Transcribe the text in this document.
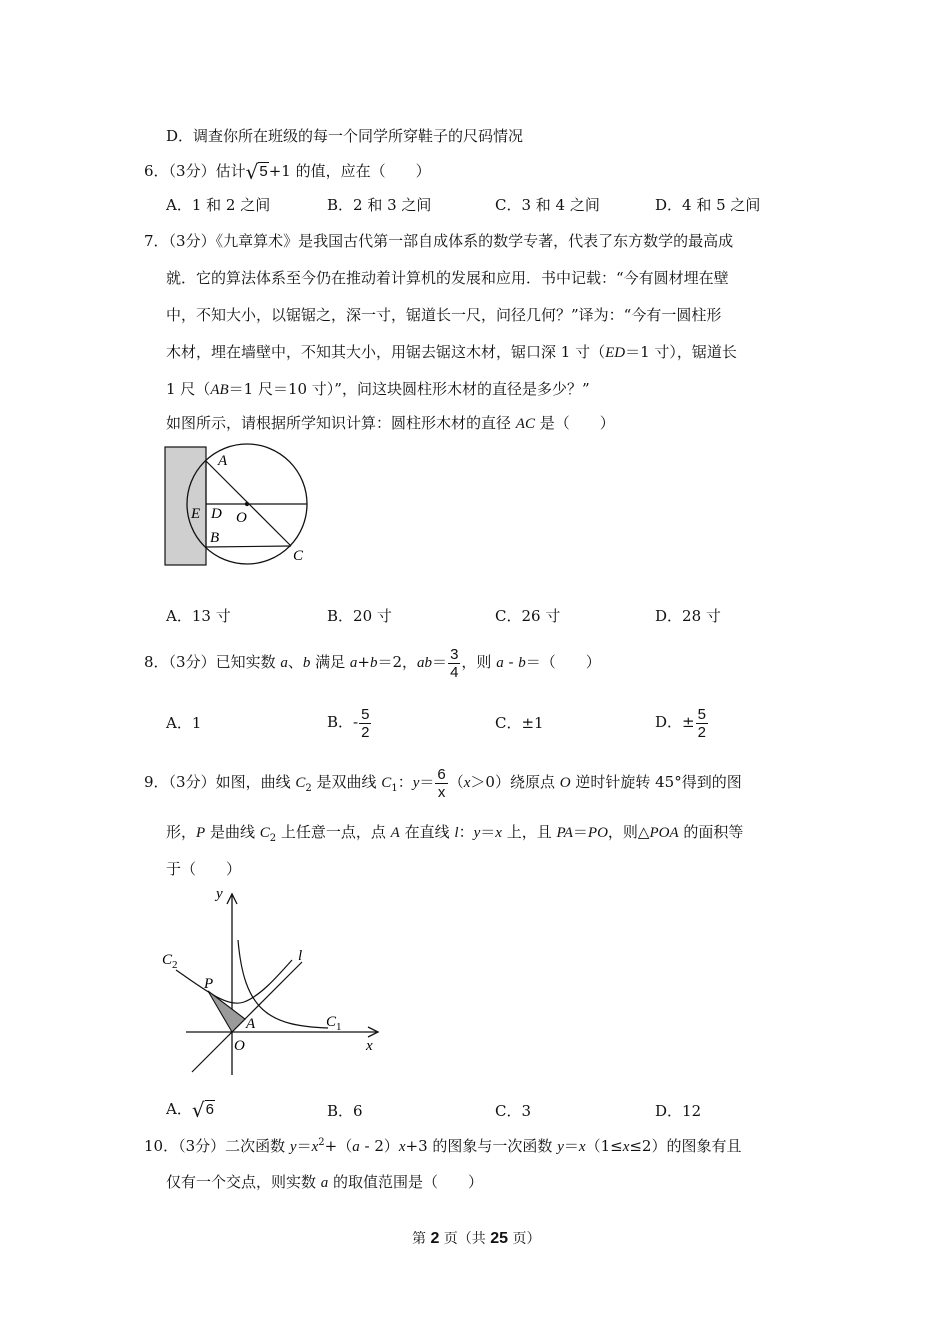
D．调查你所在班级的每一个同学所穿鞋子的尺码情况
6．（3分）估计 √ 5 +1 的值，应在（　　）
A．1 和 2 之间	B．2 和 3 之间	C．3 和 4 之间	D．4 和 5 之间
7．（3分）《九章算术》是我国古代第一部自成体系的数学专著，代表了东方数学的最高成
就．它的算法体系至今仍在推动着计算机的发展和应用．书中记载：“今有圆材埋在壁
中，不知大小，以锯锯之，深一寸，锯道长一尺，问径几何？”译为：“今有一圆柱形
木材，埋在墙壁中，不知其大小，用锯去锯这木材，锯口深 1 寸（ED＝1 寸），锯道长
1 尺（AB＝1 尺＝10 寸）”，问这块圆柱形木材的直径是多少？”
如图所示，请根据所学知识计算：圆柱形木材的直径 AC 是（　　）
A
E D O
B
C
A．13 寸	B．20 寸	C．26 寸	D．28 寸
8．（3分）已知实数 a、b 满足 a+b＝2，$ab= \frac{3}{4}$ ，则 a - b＝（　　）
A．1	B．- $\frac{5}{2}$	C．±1	D．± $\frac{5}{2}$
9．（3分）如图，曲线 $C_2$ 是双曲线 $C_1$：$y= \frac{6}{x} (x>0)$绕原点 O 逆时针旋转 45°得到的图
形，P 是曲线 $C_2$ 上任意一点，点 A 在直线 l：y＝x 上，且 PA＝PO，则△POA 的面积等
于（　　）
y
x
$C_2$
$C_1$
l
P
A
O
A． √ 6	B．6	C．3	D．12
10．（3分）二次函数 $y=x^2+(a - 2)x+3$ 的图象与一次函数 y＝x（1≤x≤2）的图象有且
仅有一个交点，则实数 a 的取值范围是（　　）
第 2 页（共 25 页）
